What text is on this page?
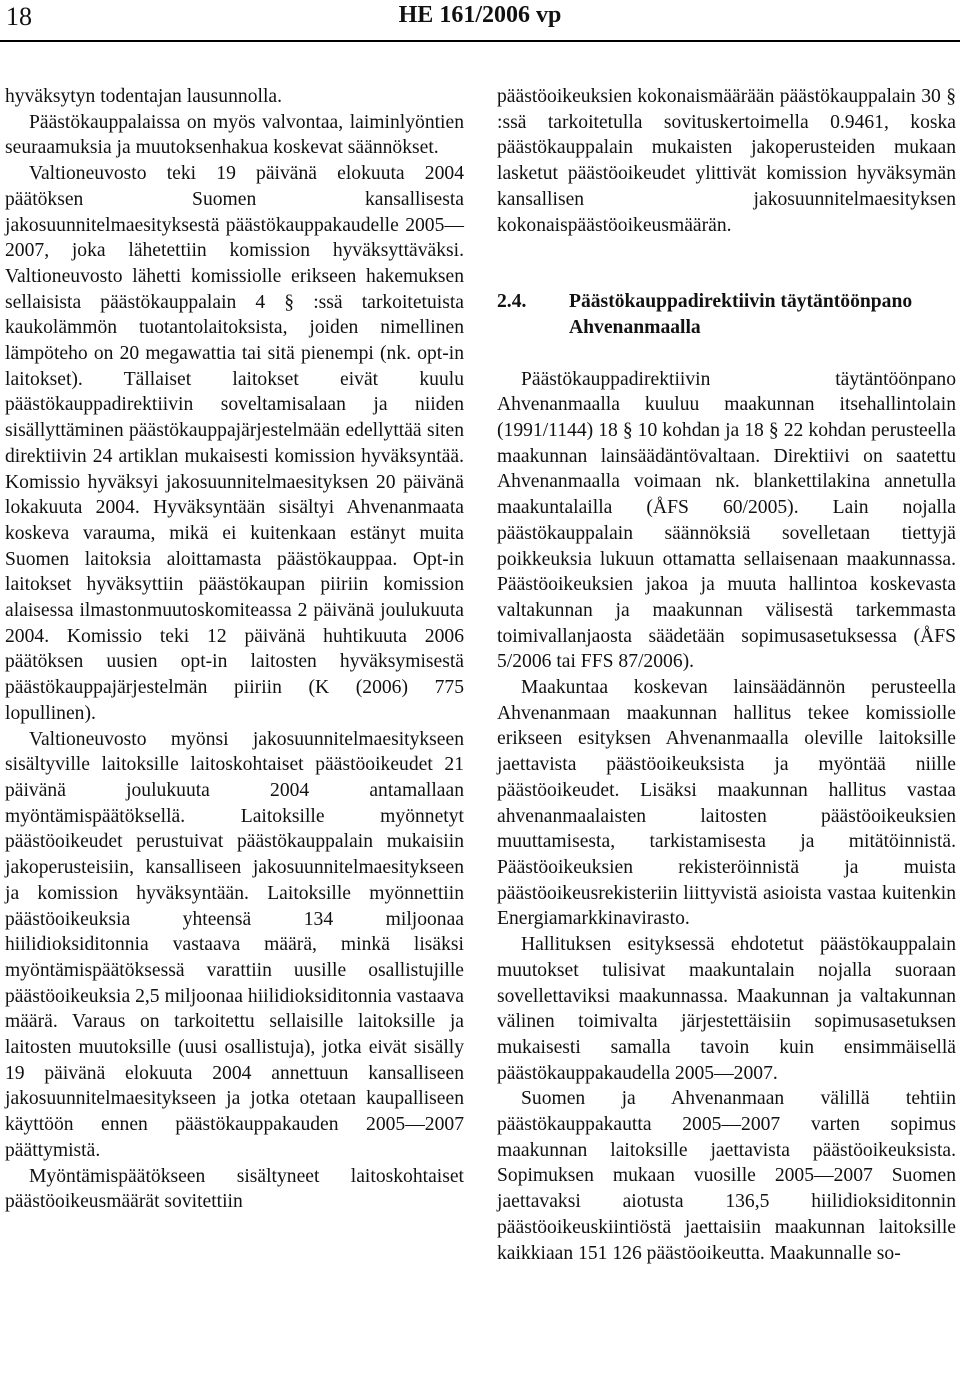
18	HE 161/2006 vp

hyväksytyn todentajan lausunnolla.

Päästökauppalaissa on myös valvontaa, laiminlyöntien seuraamuksia ja muutoksenhakua koskevat säännökset.

Valtioneuvosto teki 19 päivänä elokuuta 2004 päätöksen Suomen kansallisesta jakosuunnitelmaesityksestä päästökauppakaudelle 2005—2007, joka lähetettiin komission hyväksyttäväksi. Valtioneuvosto lähetti komissiolle erikseen hakemuksen sellaisista päästökauppalain 4 § :ssä tarkoitetuista kaukolämmön tuotantolaitoksista, joiden nimellinen lämpöteho on 20 megawattia tai sitä pienempi (nk. opt-in laitokset). Tällaiset laitokset eivät kuulu päästökauppadirektiivin soveltamisalaan ja niiden sisällyttäminen päästökauppajärjestelmään edellyttää siten direktiivin 24 artiklan mukaisesti komission hyväksyntää. Komissio hyväksyi jakosuunnitelmaesityksen 20 päivänä lokakuuta 2004. Hyväksyntään sisältyi Ahvenanmaata koskeva varauma, mikä ei kuitenkaan estänyt muita Suomen laitoksia aloittamasta päästökauppaa. Opt-in laitokset hyväksyttiin päästökaupan piiriin komission alaisessa ilmastonmuutoskomiteassa 2 päivänä joulukuuta 2004. Komissio teki 12 päivänä huhtikuuta 2006 päätöksen uusien opt-in laitosten hyväksymisestä päästökauppajärjestelmän piiriin (K (2006) 775 lopullinen).

Valtioneuvosto myönsi jakosuunnitelmaesitykseen sisältyville laitoksille laitoskohtaiset päästöoikeudet 21 päivänä joulukuuta 2004 antamallaan myöntämispäätöksellä. Laitoksille myönnetyt päästöoikeudet perustuivat päästökauppalain mukaisiin jakoperusteisiin, kansalliseen jakosuunnitelmaesitykseen ja komission hyväksyntään. Laitoksille myönnettiin päästöoikeuksia yhteensä 134 miljoonaa hiilidioksiditonnia vastaava määrä, minkä lisäksi myöntämispäätöksessä varattiin uusille osallistujille päästöoikeuksia 2,5 miljoonaa hiilidioksiditonnia vastaava määrä. Varaus on tarkoitettu sellaisille laitoksille ja laitosten muutoksille (uusi osallistuja), jotka eivät sisälly 19 päivänä elokuuta 2004 annettuun kansalliseen jakosuunnitelmaesitykseen ja jotka otetaan kaupalliseen käyttöön ennen päästökauppakauden 2005—2007 päättymistä.

Myöntämispäätökseen sisältyneet laitoskohtaiset päästöoikeusmäärät sovitettiin

päästöoikeuksien kokonaismäärään päästökauppalain 30 § :ssä tarkoitetulla sovituskertoimella 0.9461, koska päästökauppalain mukaisten jakoperusteiden mukaan lasketut päästöoikeudet ylittivät komission hyväksymän kansallisen jakosuunnitelmaesityksen kokonaispäästöoikeusmäärän.

2.4.	Päästökauppadirektiivin täytäntöönpano Ahvenanmaalla

Päästökauppadirektiivin täytäntöönpano Ahvenanmaalla kuuluu maakunnan itsehallintolain (1991/1144) 18 § 10 kohdan ja 18 § 22 kohdan perusteella maakunnan lainsäädäntövaltaan. Direktiivi on saatettu Ahvenanmaalla voimaan nk. blankettilakina annetulla maakuntalailla (ÅFS 60/2005). Lain nojalla päästökauppalain säännöksiä sovelletaan tiettyjä poikkeuksia lukuun ottamatta sellaisenaan maakunnassa. Päästöoikeuksien jakoa ja muuta hallintoa koskevasta valtakunnan ja maakunnan välisestä tarkemmasta toimivallanjaosta säädetään sopimusasetuksessa (ÅFS 5/2006 tai FFS 87/2006).

Maakuntaa koskevan lainsäädännön perusteella Ahvenanmaan maakunnan hallitus tekee komissiolle erikseen esityksen Ahvenanmaalla oleville laitoksille jaettavista päästöoikeuksista ja myöntää niille päästöoikeudet. Lisäksi maakunnan hallitus vastaa ahvenanmaalaisten laitosten päästöoikeuksien muuttamisesta, tarkistamisesta ja mitätöinnistä. Päästöoikeuksien rekisteröinnistä ja muista päästöoikeusrekisteriin liittyvistä asioista vastaa kuitenkin Energiamarkkinavirasto.

Hallituksen esityksessä ehdotetut päästökauppalain muutokset tulisivat maakuntalain nojalla suoraan sovellettaviksi maakunnassa. Maakunnan ja valtakunnan välinen toimivalta järjestettäisiin sopimusasetuksen mukaisesti samalla tavoin kuin ensimmäisellä päästökauppakaudella 2005—2007.

Suomen ja Ahvenanmaan välillä tehtiin päästökauppakautta 2005—2007 varten sopimus maakunnan laitoksille jaettavista päästöoikeuksista. Sopimuksen mukaan vuosille 2005—2007 Suomen jaettavaksi aiotusta 136,5 hiilidioksiditonnin päästöoikeuskiintiöstä jaettaisiin maakunnan laitoksille kaikkiaan 151 126 päästöoikeutta. Maakunnalle so-
